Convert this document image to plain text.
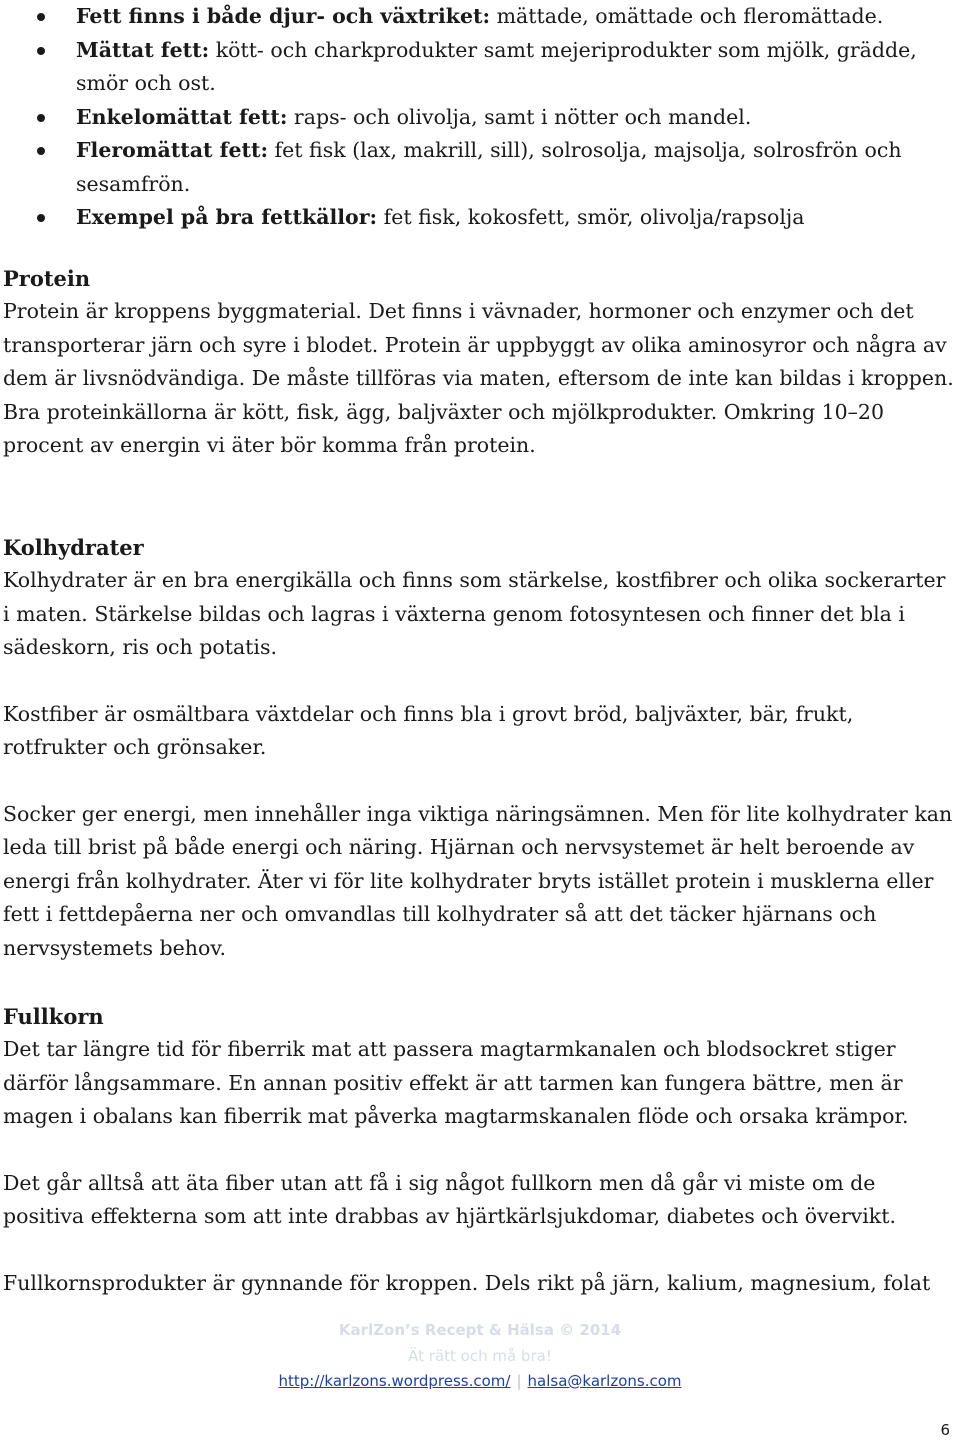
Fett finns i både djur- och växtriket: mättade, omättade och fleromättade.
Mättat fett: kött- och charkprodukter samt mejeriprodukter som mjölk, grädde, smör och ost.
Enkelomättat fett: raps- och olivolja, samt i nötter och mandel.
Fleromättat fett: fet fisk (lax, makrill, sill), solrosolja, majsolja, solrosfrön och sesamfrön.
Exempel på bra fettkällor: fet fisk, kokosfett, smör, olivolja/rapsolja
Protein

Protein är kroppens byggmaterial. Det finns i vävnader, hormoner och enzymer och det transporterar järn och syre i blodet. Protein är uppbyggt av olika aminosyror och några av dem är livsnödvändiga. De måste tillföras via maten, eftersom de inte kan bildas i kroppen. Bra proteinkällorna är kött, fisk, ägg, baljväxter och mjölkprodukter. Omkring 10–20 procent av energin vi äter bör komma från protein.

Kolhydrater

Kolhydrater är en bra energikälla och finns som stärkelse, kostfibrer och olika sockerarter i maten. Stärkelse bildas och lagras i växterna genom fotosyntesen och finner det bla i sädeskorn, ris och potatis.

Kostfiber är osmältbara växtdelar och finns bla i grovt bröd, baljväxter, bär, frukt, rotfrukter och grönsaker.

Socker ger energi, men innehåller inga viktiga näringsämnen. Men för lite kolhydrater kan leda till brist på både energi och näring. Hjärnan och nervsystemet är helt beroende av energi från kolhydrater. Äter vi för lite kolhydrater bryts istället protein i musklerna eller fett i fettdepåerna ner och omvandlas till kolhydrater så att det täcker hjärnans och nervsystemets behov.

Fullkorn

Det tar längre tid för fiberrik mat att passera magtarmkanalen och blodsockret stiger därför långsammare. En annan positiv effekt är att tarmen kan fungera bättre, men är magen i obalans kan fiberrik mat påverka magtarmskanalen flöde och orsaka krämpor.

Det går alltså att äta fiber utan att få i sig något fullkorn men då går vi miste om de positiva effekterna som att inte drabbas av hjärtkärlsjukdomar, diabetes och övervikt.

Fullkornsprodukter är gynnande för kroppen. Dels rikt på järn, kalium, magnesium, folat

KarlZon’s Recept & Hälsa © 2014
Ät rätt och må bra!
http://karlzons.wordpress.com/ | halsa@karlzons.com
6
